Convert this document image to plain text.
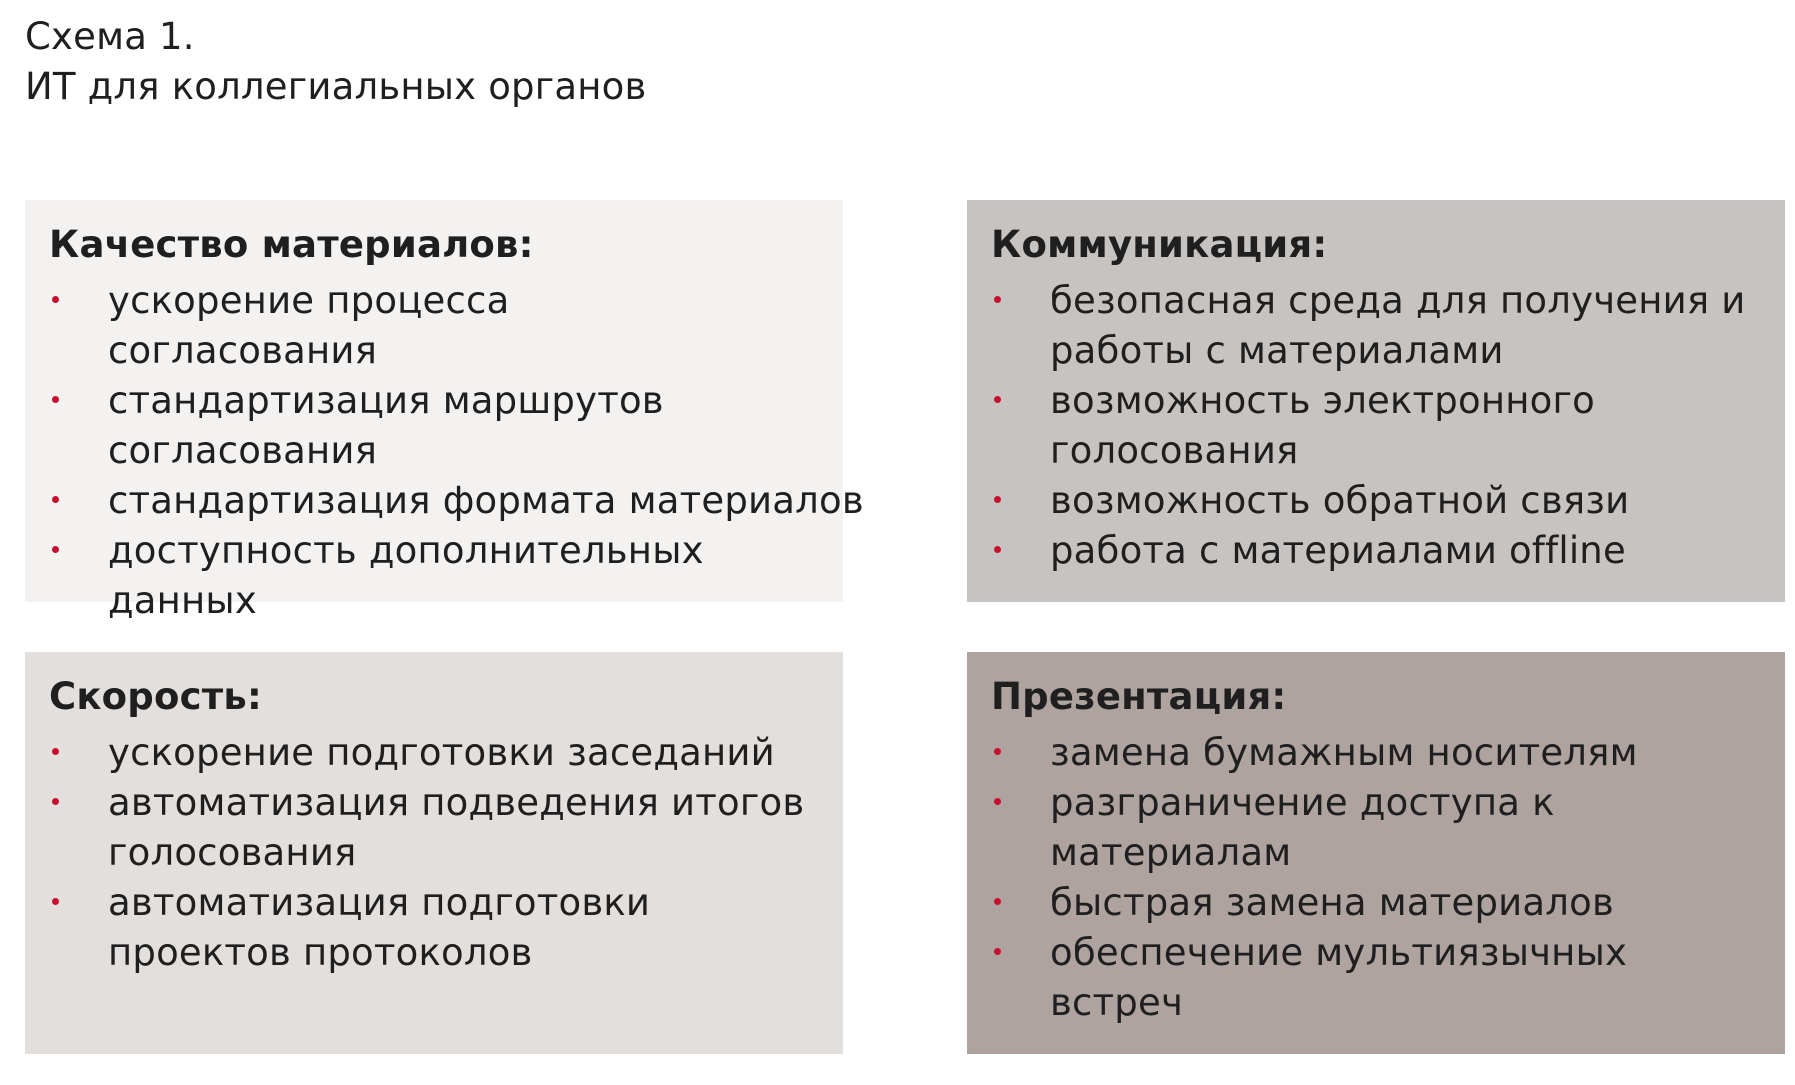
Схема 1.
ИТ для коллегиальных органов
Качество материалов:
ускорение процесса согласования
стандартизация маршрутов согласования
стандартизация формата материалов
доступность дополнительных данных
Коммуникация:
безопасная среда для получения и работы с материалами
возможность электронного голосования
возможность обратной связи
работа с материалами offline
Скорость:
ускорение подготовки заседаний
автоматизация подведения итогов голосования
автоматизация подготовки проектов протоколов
Презентация:
замена бумажным носителям
разграничение доступа к материалам
быстрая замена материалов
обеспечение мультиязычных встреч
